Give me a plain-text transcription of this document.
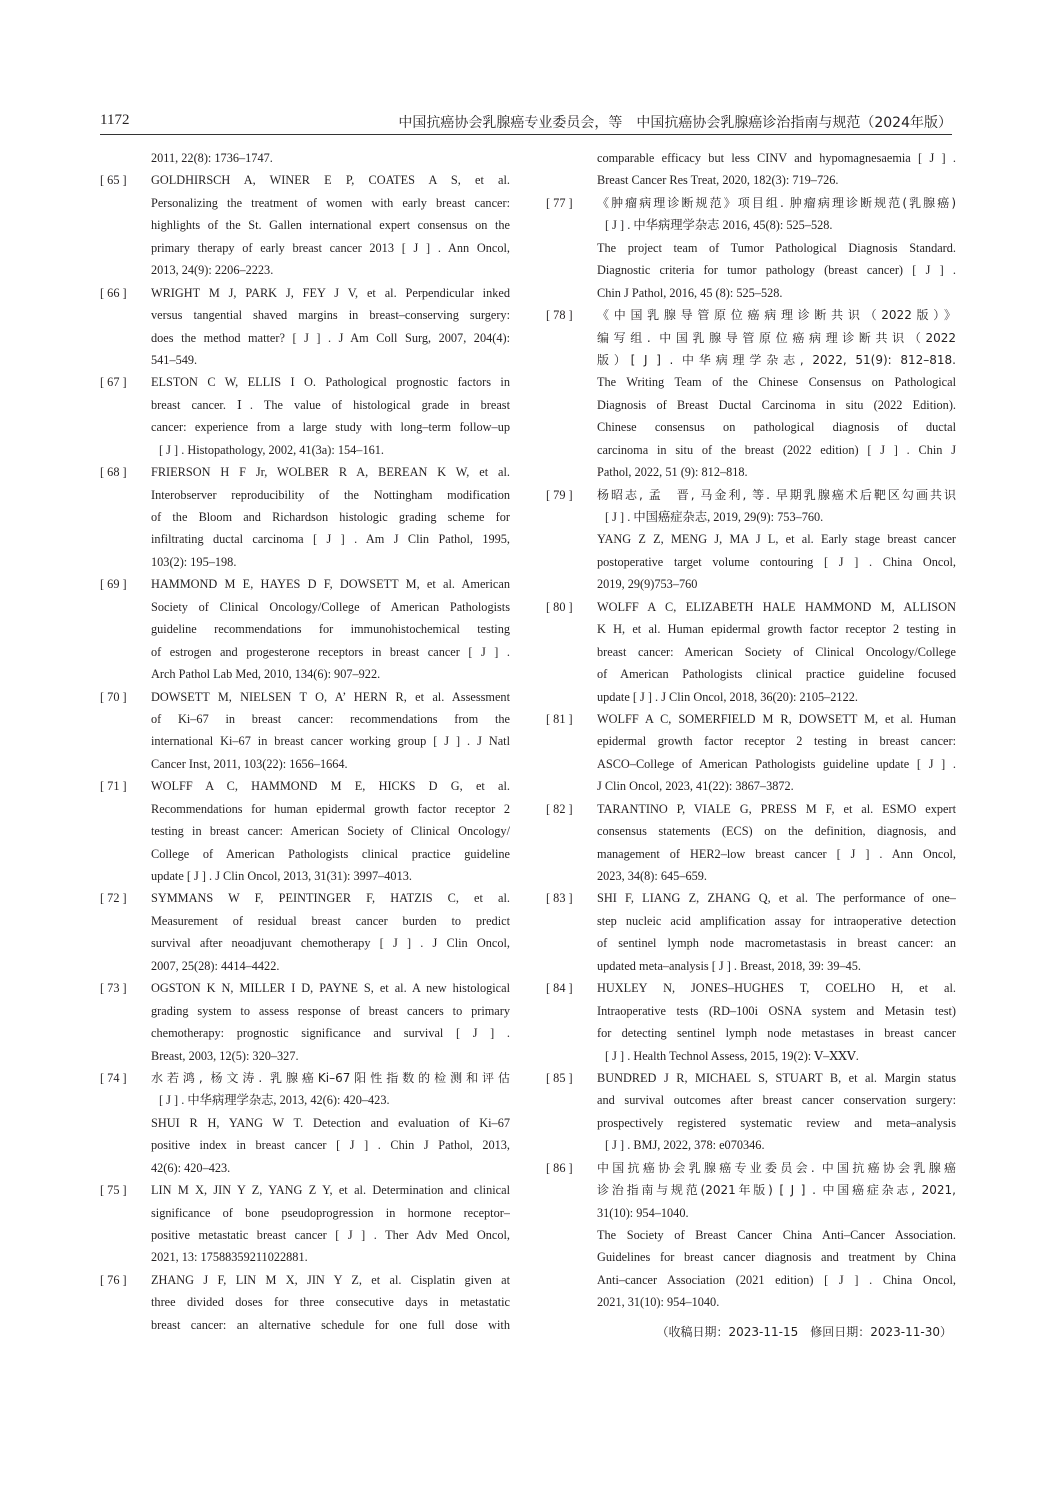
1172	中国抗癌协会乳腺癌专业委员会，等　中国抗癌协会乳腺癌诊治指南与规范（2024年版）
2011, 22(8): 1736–1747.
[ 65 ] GOLDHIRSCH A, WINER E P, COATES A S, et al.
Personalizing the treatment of women with early breast cancer:
highlights of the St. Gallen international expert consensus on the
primary therapy of early breast cancer 2013 [ J ] . Ann Oncol,
2013, 24(9): 2206–2223.
[ 66 ] WRIGHT M J, PARK J, FEY J V, et al. Perpendicular inked
versus tangential shaved margins in breast–conserving surgery:
does the method matter? [ J ] . J Am Coll Surg, 2007, 204(4):
541–549.
[ 67 ] ELSTON C W, ELLIS I O. Pathological prognostic factors in
breast cancer. Ⅰ. The value of histological grade in breast
cancer: experience from a large study with long–term follow–up
[ J ] . Histopathology, 2002, 41(3a): 154–161.
[ 68 ] FRIERSON H F Jr, WOLBER R A, BEREAN K W, et al.
Interobserver reproducibility of the Nottingham modification
of the Bloom and Richardson histologic grading scheme for
infiltrating ductal carcinoma [ J ] . Am J Clin Pathol, 1995,
103(2): 195–198.
[ 69 ] HAMMOND M E, HAYES D F, DOWSETT M, et al. American
Society of Clinical Oncology/College of American Pathologists
guideline recommendations for immunohistochemical testing
of estrogen and progesterone receptors in breast cancer [ J ] .
Arch Pathol Lab Med, 2010, 134(6): 907–922.
[ 70 ] DOWSETT M, NIELSEN T O, A’ HERN R, et al. Assessment
of Ki–67 in breast cancer: recommendations from the
international Ki–67 in breast cancer working group [ J ] . J Natl
Cancer Inst, 2011, 103(22): 1656–1664.
[ 71 ] WOLFF A C, HAMMOND M E, HICKS D G, et al.
Recommendations for human epidermal growth factor receptor 2
testing in breast cancer: American Society of Clinical Oncology/
College of American Pathologists clinical practice guideline
update [ J ] . J Clin Oncol, 2013, 31(31): 3997–4013.
[ 72 ] SYMMANS W F, PEINTINGER F, HATZIS C, et al.
Measurement of residual breast cancer burden to predict
survival after neoadjuvant chemotherapy [ J ] . J Clin Oncol,
2007, 25(28): 4414–4422.
[ 73 ] OGSTON K N, MILLER I D, PAYNE S, et al. A new histological
grading system to assess response of breast cancers to primary
chemotherapy: prognostic significance and survival [ J ] .
Breast, 2003, 12(5): 320–327.
[ 74 ] 水若鸿, 杨文涛. 乳腺癌Ki–67阳性指数的检测和评估
[ J ] . 中华病理学杂志, 2013, 42(6): 420–423.
SHUI R H, YANG W T. Detection and evaluation of Ki–67
positive index in breast cancer [ J ] . Chin J Pathol, 2013,
42(6): 420–423.
[ 75 ] LIN M X, JIN Y Z, YANG Z Y, et al. Determination and clinical
significance of bone pseudoprogression in hormone receptor–
positive metastatic breast cancer [ J ] . Ther Adv Med Oncol,
2021, 13: 17588359211022881.
[ 76 ] ZHANG J F, LIN M X, JIN Y Z, et al. Cisplatin given at
three divided doses for three consecutive days in metastatic
breast cancer: an alternative schedule for one full dose with
comparable efficacy but less CINV and hypomagnesaemia [ J ] .
Breast Cancer Res Treat, 2020, 182(3): 719–726.
[ 77 ] 《肿瘤病理诊断规范》项目组. 肿瘤病理诊断规范(乳腺癌)
[ J ] . 中华病理学杂志 2016, 45(8): 525–528.
The project team of Tumor Pathological Diagnosis Standard.
Diagnostic criteria for tumor pathology (breast cancer) [ J ] .
Chin J Pathol, 2016, 45 (8): 525–528.
[ 78 ] 《中国乳腺导管原位癌病理诊断共识（2022版）》
编写组. 中国乳腺导管原位癌病理诊断共识（2022
版）[ J ] . 中华病理学杂志, 2022, 51(9): 812–818.
The Writing Team of the Chinese Consensus on Pathological
Diagnosis of Breast Ductal Carcinoma in situ (2022 Edition).
Chinese consensus on pathological diagnosis of ductal
carcinoma in situ of the breast (2022 edition) [ J ] . Chin J
Pathol, 2022, 51 (9): 812–818.
[ 79 ] 杨昭志, 孟　晋, 马金利, 等. 早期乳腺癌术后靶区勾画共识
[ J ] . 中国癌症杂志, 2019, 29(9): 753–760.
YANG Z Z, MENG J, MA J L, et al. Early stage breast cancer
postoperative target volume contouring [ J ] . China Oncol,
2019, 29(9)753–760
[ 80 ] WOLFF A C, ELIZABETH HALE HAMMOND M, ALLISON
K H, et al. Human epidermal growth factor receptor 2 testing in
breast cancer: American Society of Clinical Oncology/College
of American Pathologists clinical practice guideline focused
update [ J ] . J Clin Oncol, 2018, 36(20): 2105–2122.
[ 81 ] WOLFF A C, SOMERFIELD M R, DOWSETT M, et al. Human
epidermal growth factor receptor 2 testing in breast cancer:
ASCO–College of American Pathologists guideline update [ J ] .
J Clin Oncol, 2023, 41(22): 3867–3872.
[ 82 ] TARANTINO P, VIALE G, PRESS M F, et al. ESMO expert
consensus statements (ECS) on the definition, diagnosis, and
management of HER2–low breast cancer [ J ] . Ann Oncol,
2023, 34(8): 645–659.
[ 83 ] SHI F, LIANG Z, ZHANG Q, et al. The performance of one–
step nucleic acid amplification assay for intraoperative detection
of sentinel lymph node macrometastasis in breast cancer: an
updated meta–analysis [ J ] . Breast, 2018, 39: 39–45.
[ 84 ] HUXLEY N, JONES–HUGHES T, COELHO H, et al.
Intraoperative tests (RD–100i OSNA system and Metasin test)
for detecting sentinel lymph node metastases in breast cancer
[ J ] . Health Technol Assess, 2015, 19(2): Ⅴ–ⅩⅩⅤ.
[ 85 ] BUNDRED J R, MICHAEL S, STUART B, et al. Margin status
and survival outcomes after breast cancer conservation surgery:
prospectively registered systematic review and meta–analysis
[ J ] . BMJ, 2022, 378: e070346.
[ 86 ] 中国抗癌协会乳腺癌专业委员会. 中国抗癌协会乳腺癌
诊治指南与规范(2021年版) [ J ] . 中国癌症杂志, 2021,
31(10): 954–1040.
The Society of Breast Cancer China Anti–Cancer Association.
Guidelines for breast cancer diagnosis and treatment by China
Anti–cancer Association (2021 edition) [ J ] . China Oncol,
2021, 31(10): 954–1040.
（收稿日期：2023-11-15　修回日期：2023-11-30）
